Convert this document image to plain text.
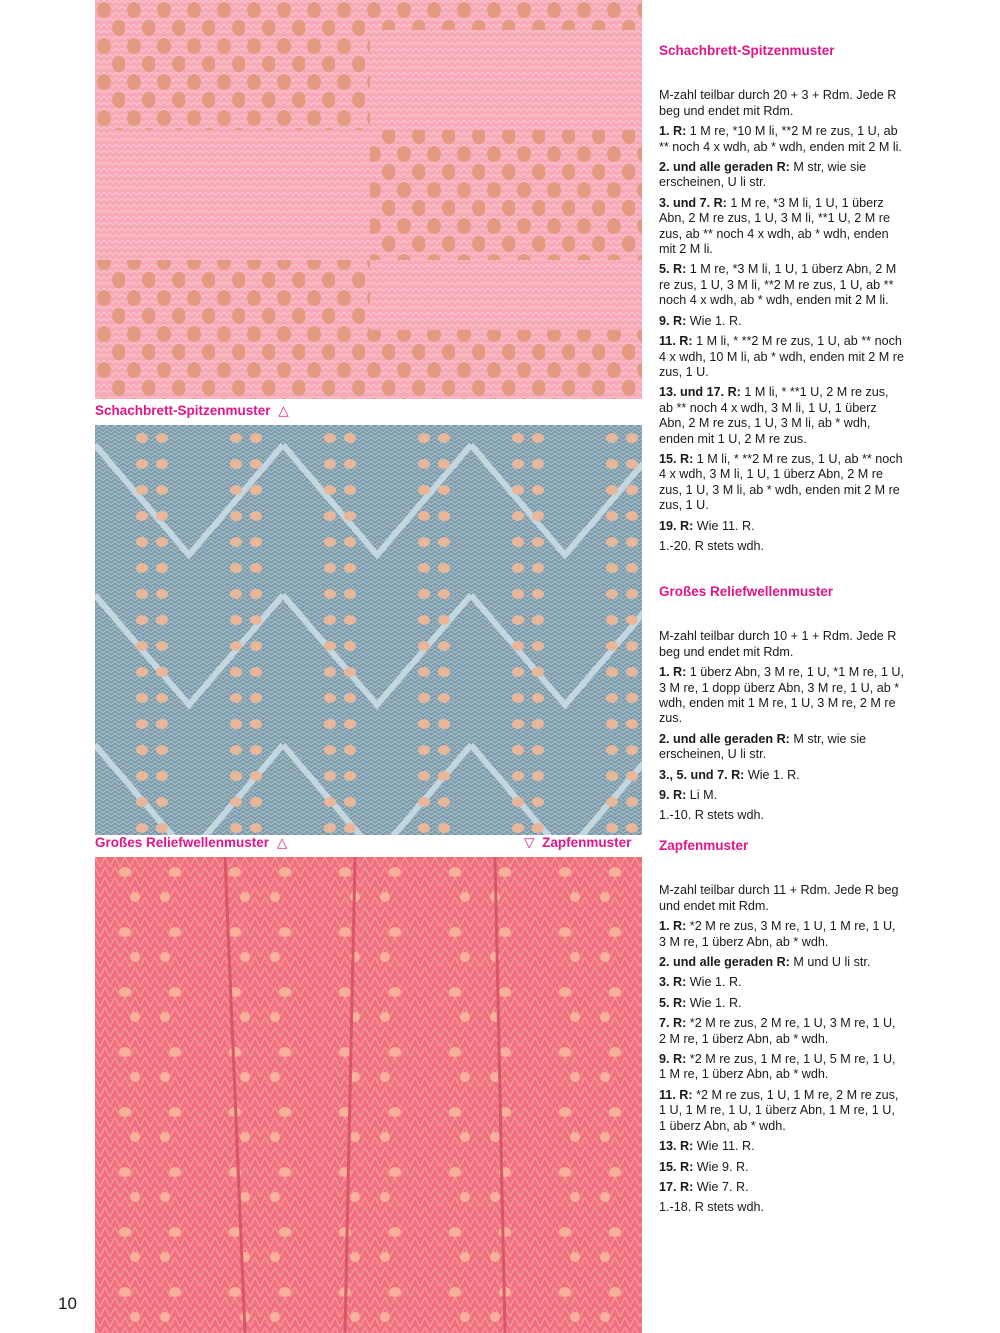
Schachbrett-Spitzenmuster △
Großes Reliefwellenmuster △	▽ Zapfenmuster
10

Schachbrett-Spitzenmuster

M-zahl teilbar durch 20 + 3 + Rdm. Jede R beg und endet mit Rdm.

1. R: 1 M re, *10 M li, **2 M re zus, 1 U, ab ** noch 4 x wdh, ab * wdh, enden mit 2 M li.

2. und alle geraden R: M str, wie sie erscheinen, U li str.

3. und 7. R: 1 M re, *3 M li, 1 U, 1 überz Abn, 2 M re zus, 1 U, 3 M li, **1 U, 2 M re zus, ab ** noch 4 x wdh, ab * wdh, enden mit 2 M li.

5. R: 1 M re, *3 M li, 1 U, 1 überz Abn, 2 M re zus, 1 U, 3 M li, **2 M re zus, 1 U, ab ** noch 4 x wdh, ab * wdh, enden mit 2 M li.

9. R: Wie 1. R.

11. R: 1 M li, * **2 M re zus, 1 U, ab ** noch 4 x wdh, 10 M li, ab * wdh, enden mit 2 M re zus, 1 U.

13. und 17. R: 1 M li, * **1 U, 2 M re zus, ab ** noch 4 x wdh, 3 M li, 1 U, 1 überz Abn, 2 M re zus, 1 U, 3 M li, ab * wdh, enden mit 1 U, 2 M re zus.

15. R: 1 M li, * **2 M re zus, 1 U, ab ** noch 4 x wdh, 3 M li, 1 U, 1 überz Abn, 2 M re zus, 1 U, 3 M li, ab * wdh, enden mit 2 M re zus, 1 U.

19. R: Wie 11. R.

1.-20. R stets wdh.

Großes Reliefwellenmuster

M-zahl teilbar durch 10 + 1 + Rdm. Jede R beg und endet mit Rdm.

1. R: 1 überz Abn, 3 M re, 1 U, *1 M re, 1 U, 3 M re, 1 dopp überz Abn, 3 M re, 1 U, ab * wdh, enden mit 1 M re, 1 U, 3 M re, 2 M re zus.

2. und alle geraden R: M str, wie sie erscheinen, U li str.

3., 5. und 7. R: Wie 1. R.

9. R: Li M.

1.-10. R stets wdh.

Zapfenmuster

M-zahl teilbar durch 11 + Rdm. Jede R beg und endet mit Rdm.

1. R: *2 M re zus, 3 M re, 1 U, 1 M re, 1 U, 3 M re, 1 überz Abn, ab * wdh.

2. und alle geraden R: M und U li str.

3. R: Wie 1. R.

5. R: Wie 1. R.

7. R: *2 M re zus, 2 M re, 1 U, 3 M re, 1 U, 2 M re, 1 überz Abn, ab * wdh.

9. R: *2 M re zus, 1 M re, 1 U, 5 M re, 1 U, 1 M re, 1 überz Abn, ab * wdh.

11. R: *2 M re zus, 1 U, 1 M re, 2 M re zus, 1 U, 1 M re, 1 U, 1 überz Abn, 1 M re, 1 U, 1 überz Abn, ab * wdh.

13. R: Wie 11. R.

15. R: Wie 9. R.

17. R: Wie 7. R.

1.-18. R stets wdh.
